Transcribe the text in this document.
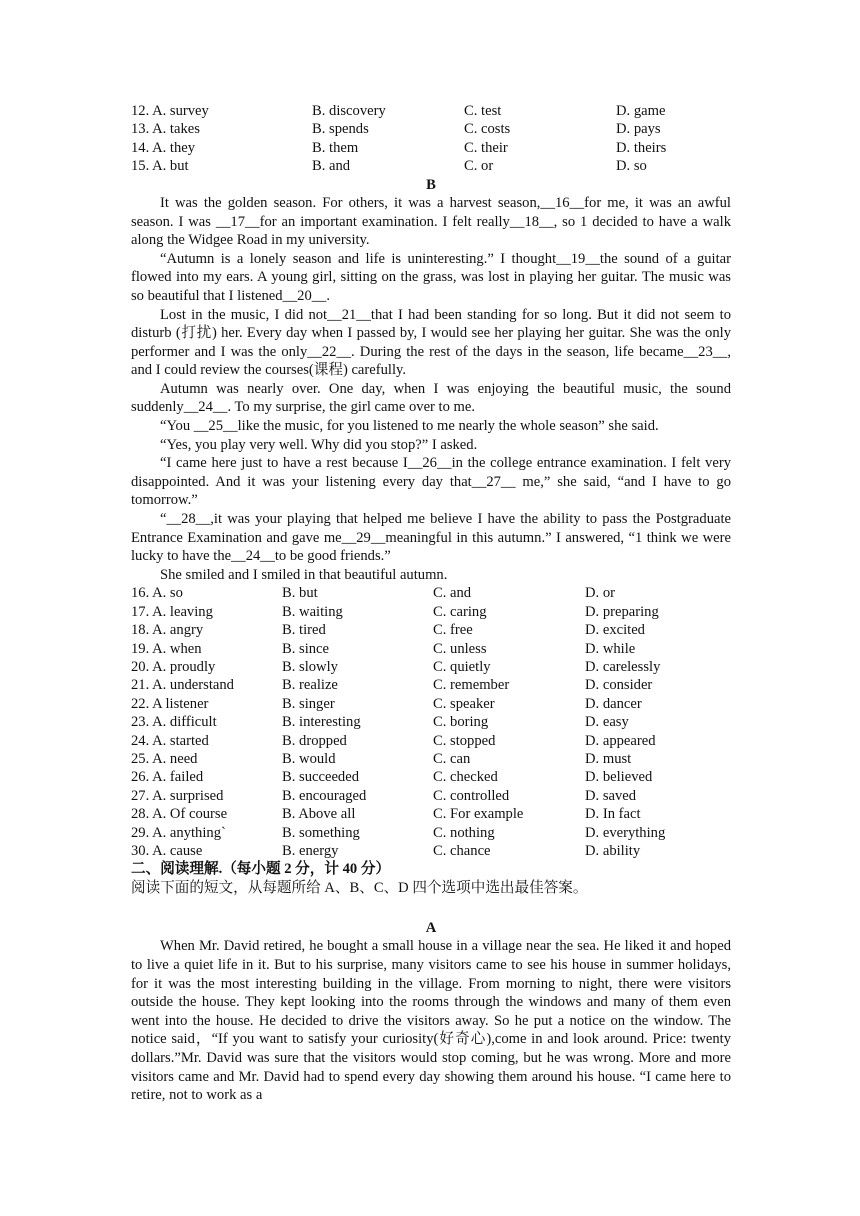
12. A. survey	B. discovery	C. test	D. game
13. A. takes	B. spends	C. costs	D. pays
14. A. they	B. them	C. their	D. theirs
15. A. but	B. and	C. or	D. so
B

It was the golden season. For others, it was a harvest season,__16__for me, it was an awful season. I was __17__for an important examination. I felt really__18__, so 1 decided to have a walk along the Widgee Road in my university.

“Autumn is a lonely season and life is uninteresting.” I thought__19__the sound of a guitar flowed into my ears. A young girl, sitting on the grass, was lost in playing her guitar. The music was so beautiful that I listened__20__.

Lost in the music, I did not__21__that I had been standing for so long. But it did not seem to disturb (打扰) her. Every day when I passed by, I would see her playing her guitar. She was the only performer and I was the only__22__. During the rest of the days in the season, life became__23__, and I could review the courses(课程) carefully.

Autumn was nearly over. One day, when I was enjoying the beautiful music, the sound suddenly__24__. To my surprise, the girl came over to me.

“You __25__like the music, for you listened to me nearly the whole season” she said.

“Yes, you play very well. Why did you stop?” I asked.

“I came here just to have a rest because I__26__in the college entrance examination. I felt very disappointed. And it was your listening every day that__27__ me,” she said, “and I have to go tomorrow.”

“__28__,it was your playing that helped me believe I have the ability to pass the Postgraduate Entrance Examination and gave me__29__meaningful in this autumn.” I answered, “1 think we were lucky to have the__24__to be good friends.”

She smiled and I smiled in that beautiful autumn.

16. A. so	B. but	C. and	D. or
17. A. leaving	B. waiting	C. caring	D. preparing
18. A. angry	B. tired	C. free	D. excited
19. A. when	B. since	C. unless	D. while
20. A. proudly	B. slowly	C. quietly	D. carelessly
21. A. understand	B. realize	C. remember	D. consider
22. A listener	B. singer	C. speaker	D. dancer
23. A. difficult	B. interesting	C. boring	D. easy
24. A. started	B. dropped	C. stopped	D. appeared
25. A. need	B. would	C. can	D. must
26. A. failed	B. succeeded	C. checked	D. believed
27. A. surprised	B. encouraged	C. controlled	D. saved
28. A. Of course	B. Above all	C. For example	D. In fact
29. A. anything`	B. something	C. nothing	D. everything
30. A. cause	B. energy	C. chance	D. ability
二、阅读理解.（每小题 2 分，计 40 分）
阅读下面的短文，从每题所给 A、B、C、D 四个选项中选出最佳答案。
A

When Mr. David retired, he bought a small house in a village near the sea. He liked it and hoped to live a quiet life in it. But to his surprise, many visitors came to see his house in summer holidays, for it was the most interesting building in the village. From morning to night, there were visitors outside the house. They kept looking into the rooms through the windows and many of them even went into the house. He decided to drive the visitors away. So he put a notice on the window. The notice said，“If you want to satisfy your curiosity(好奇心),come in and look around. Price: twenty dollars.”Mr. David was sure that the visitors would stop coming, but he was wrong. More and more visitors came and Mr. David had to spend every day showing them around his house. “I came here to retire, not to work as a
